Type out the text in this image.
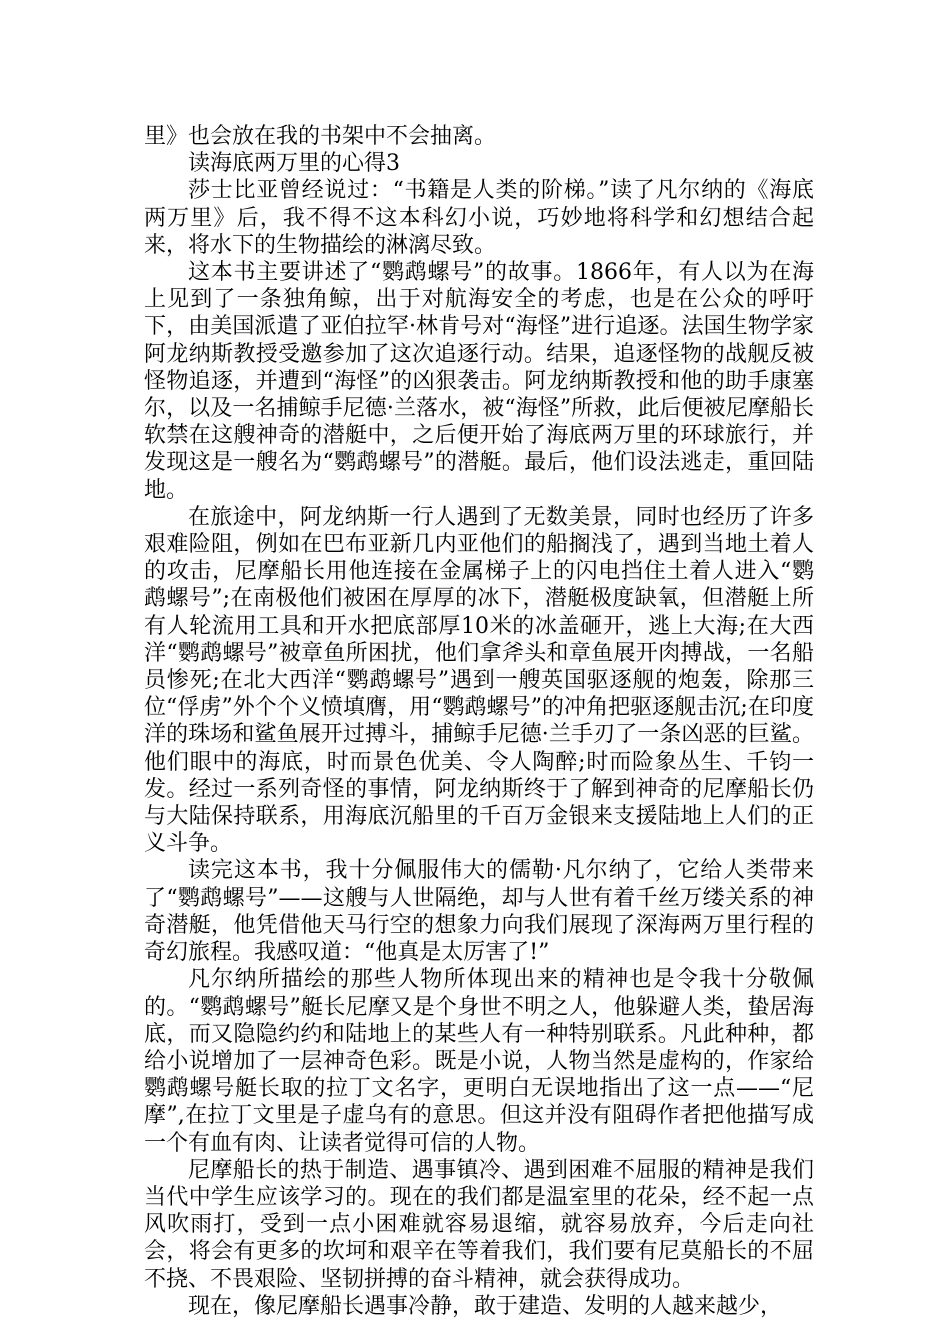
里》也会放在我的书架中不会抽离。

读海底两万里的心得3

莎士比亚曾经说过：“书籍是人类的阶梯。”读了凡尔纳的《海底两万里》后，我不得不这本科幻小说，巧妙地将科学和幻想结合起来，将水下的生物描绘的淋漓尽致。

这本书主要讲述了“鹦鹉螺号”的故事。1866年，有人以为在海上见到了一条独角鲸，出于对航海安全的考虑，也是在公众的呼吁下，由美国派遣了亚伯拉罕·林肯号对“海怪”进行追逐。法国生物学家阿龙纳斯教授受邀参加了这次追逐行动。结果，追逐怪物的战舰反被怪物追逐，并遭到“海怪”的凶狠袭击。阿龙纳斯教授和他的助手康塞尔，以及一名捕鲸手尼德·兰落水，被“海怪”所救，此后便被尼摩船长软禁在这艘神奇的潜艇中，之后便开始了海底两万里的环球旅行，并发现这是一艘名为“鹦鹉螺号”的潜艇。最后，他们设法逃走，重回陆地。

在旅途中，阿龙纳斯一行人遇到了无数美景，同时也经历了许多艰难险阻，例如在巴布亚新几内亚他们的船搁浅了，遇到当地土着人的攻击，尼摩船长用他连接在金属梯子上的闪电挡住土着人进入“鹦鹉螺号”;在南极他们被困在厚厚的冰下，潜艇极度缺氧，但潜艇上所有人轮流用工具和开水把底部厚10米的冰盖砸开，逃上大海;在大西洋“鹦鹉螺号”被章鱼所困扰，他们拿斧头和章鱼展开肉搏战，一名船员惨死;在北大西洋“鹦鹉螺号”遇到一艘英国驱逐舰的炮轰，除那三位“俘虏”外个个义愤填膺，用“鹦鹉螺号”的冲角把驱逐舰击沉;在印度洋的珠场和鲨鱼展开过搏斗，捕鲸手尼德·兰手刃了一条凶恶的巨鲨。他们眼中的海底，时而景色优美、令人陶醉;时而险象丛生、千钧一发。经过一系列奇怪的事情，阿龙纳斯终于了解到神奇的尼摩船长仍与大陆保持联系，用海底沉船里的千百万金银来支援陆地上人们的正义斗争。

读完这本书，我十分佩服伟大的儒勒·凡尔纳了，它给人类带来了“鹦鹉螺号”——这艘与人世隔绝，却与人世有着千丝万缕关系的神奇潜艇，他凭借他天马行空的想象力向我们展现了深海两万里行程的奇幻旅程。我感叹道：“他真是太厉害了!”

凡尔纳所描绘的那些人物所体现出来的精神也是令我十分敬佩的。“鹦鹉螺号”艇长尼摩又是个身世不明之人，他躲避人类，蛰居海底，而又隐隐约约和陆地上的某些人有一种特别联系。凡此种种，都给小说增加了一层神奇色彩。既是小说，人物当然是虚构的，作家给鹦鹉螺号艇长取的拉丁文名字，更明白无误地指出了这一点——“尼摩”,在拉丁文里是子虚乌有的意思。但这并没有阻碍作者把他描写成一个有血有肉、让读者觉得可信的人物。

尼摩船长的热于制造、遇事镇冷、遇到困难不屈服的精神是我们当代中学生应该学习的。现在的我们都是温室里的花朵，经不起一点风吹雨打，受到一点小困难就容易退缩，就容易放弃，今后走向社会，将会有更多的坎坷和艰辛在等着我们，我们要有尼莫船长的不屈不挠、不畏艰险、坚韧拼搏的奋斗精神，就会获得成功。

现在，像尼摩船长遇事冷静，敢于建造、发明的人越来越少，
